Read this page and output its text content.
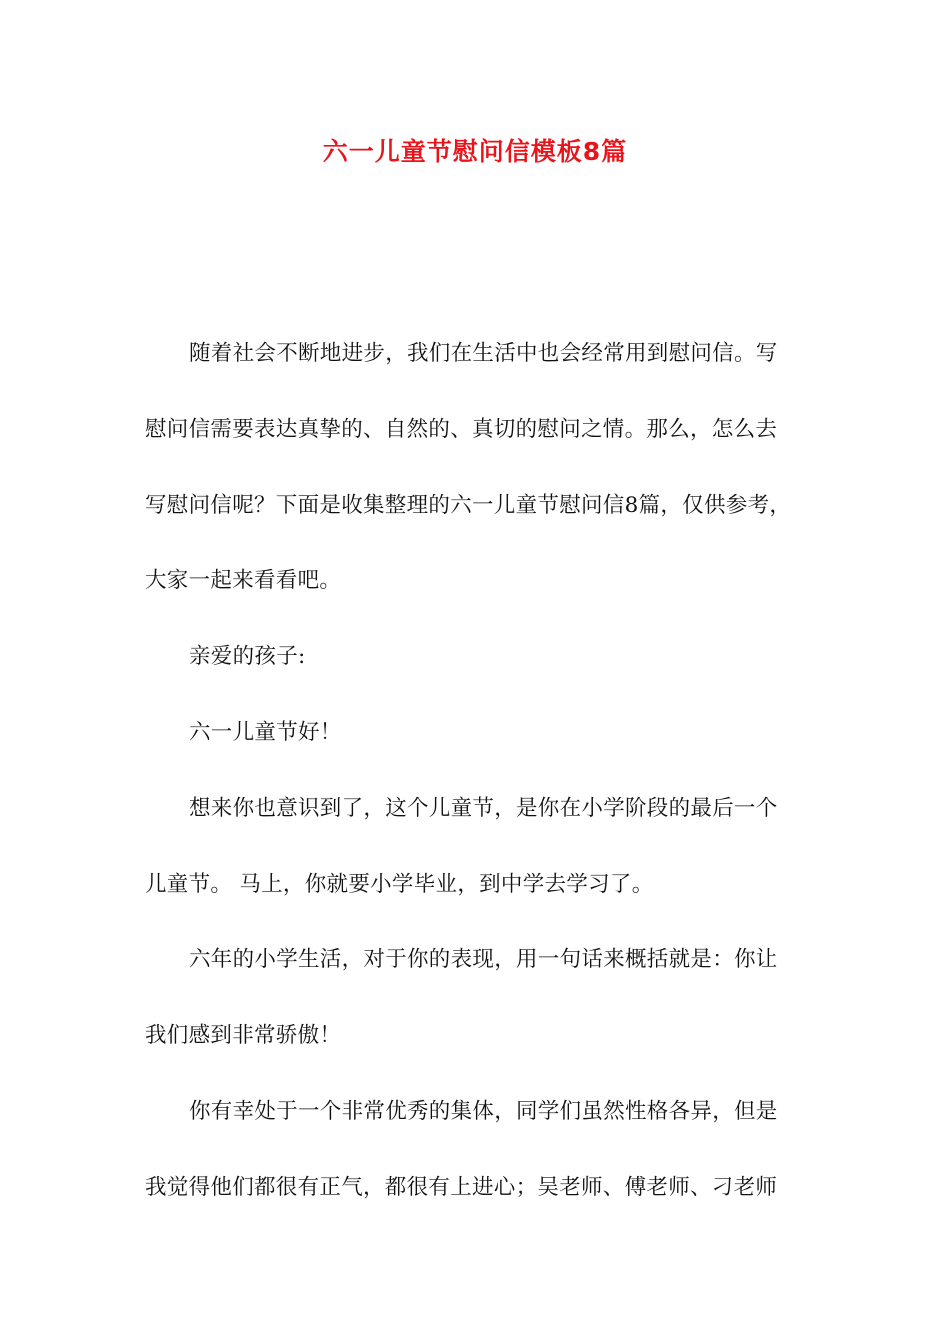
六一儿童节慰问信模板8篇
随着社会不断地进步，我们在生活中也会经常用到慰问信。写
慰问信需要表达真挚的、自然的、真切的慰问之情。那么，怎么去
写慰问信呢？下面是收集整理的六一儿童节慰问信8篇，仅供参考，
大家一起来看看吧。
亲爱的孩子:
六一儿童节好！
想来你也意识到了，这个儿童节，是你在小学阶段的最后一个
儿童节。 马上，你就要小学毕业，到中学去学习了。
六年的小学生活，对于你的表现，用一句话来概括就是：你让
我们感到非常骄傲！
你有幸处于一个非常优秀的集体，同学们虽然性格各异，但是
我觉得他们都很有正气，都很有上进心；吴老师、傅老师、刁老师
